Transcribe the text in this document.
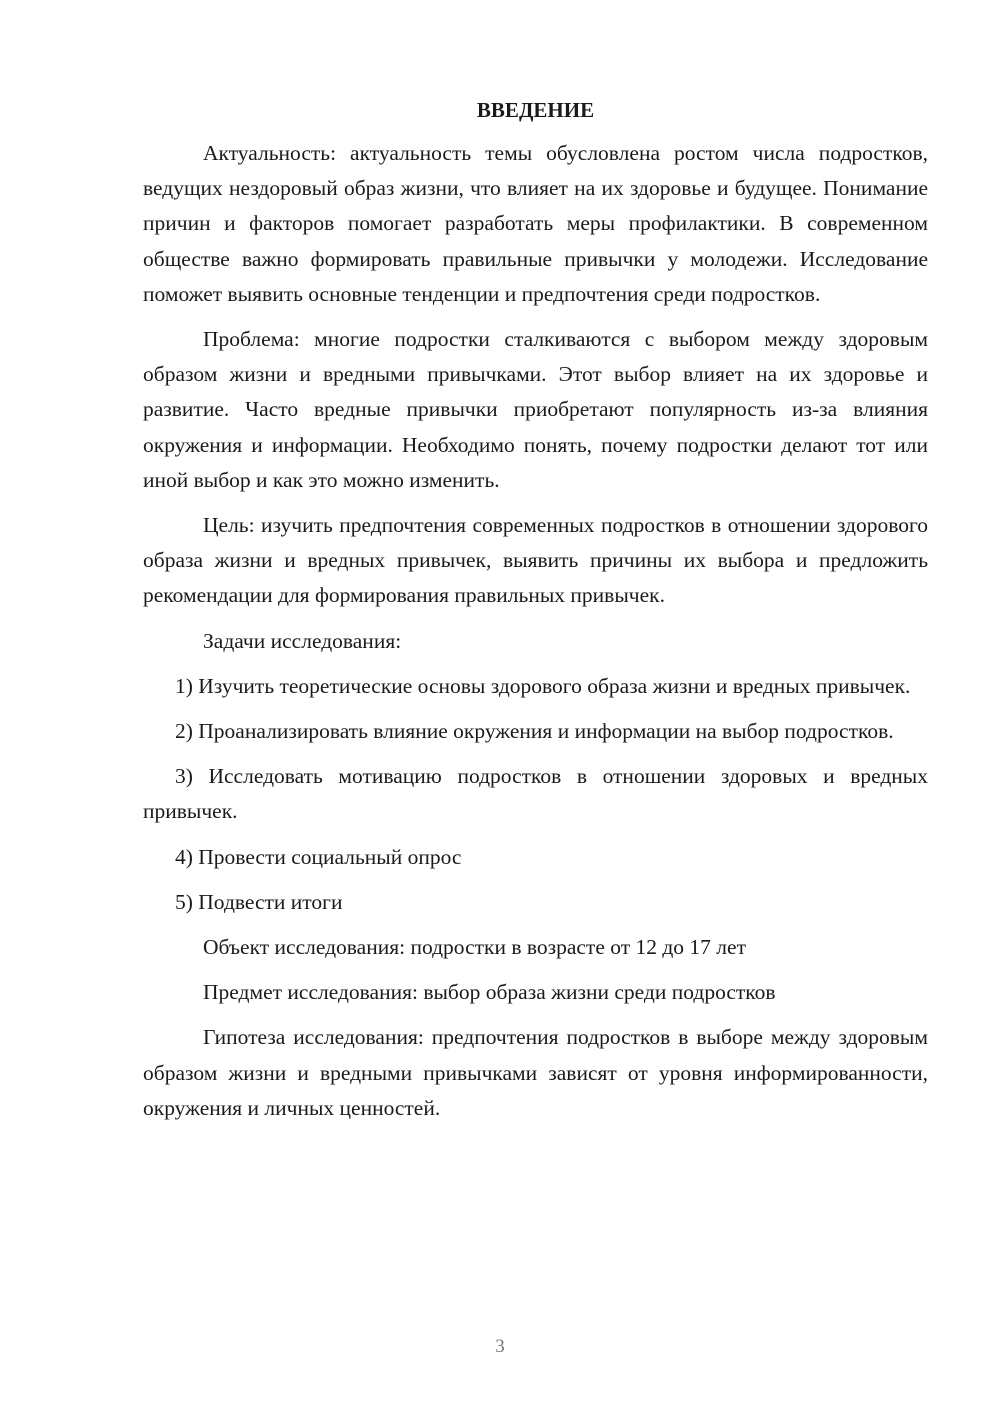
ВВЕДЕНИЕ

Актуальность: актуальность темы обусловлена ростом числа подростков, ведущих нездоровый образ жизни, что влияет на их здоровье и будущее. Понимание причин и факторов помогает разработать меры профилактики. В современном обществе важно формировать правильные привычки у молодежи. Исследование поможет выявить основные тенденции и предпочтения среди подростков.

Проблема: многие подростки сталкиваются с выбором между здоровым образом жизни и вредными привычками. Этот выбор влияет на их здоровье и развитие. Часто вредные привычки приобретают популярность из-за влияния окружения и информации. Необходимо понять, почему подростки делают тот или иной выбор и как это можно изменить.

Цель: изучить предпочтения современных подростков в отношении здорового образа жизни и вредных привычек, выявить причины их выбора и предложить рекомендации для формирования правильных привычек.

Задачи исследования:

1) Изучить теоретические основы здорового образа жизни и вредных привычек.

2) Проанализировать влияние окружения и информации на выбор подростков.

3) Исследовать мотивацию подростков в отношении здоровых и вредных привычек.

4) Провести социальный опрос

5) Подвести итоги

Объект исследования: подростки в возрасте от 12 до 17 лет

Предмет исследования: выбор образа жизни среди подростков

Гипотеза исследования: предпочтения подростков в выборе между здоровым образом жизни и вредными привычками зависят от уровня информированности, окружения и личных ценностей.

3
